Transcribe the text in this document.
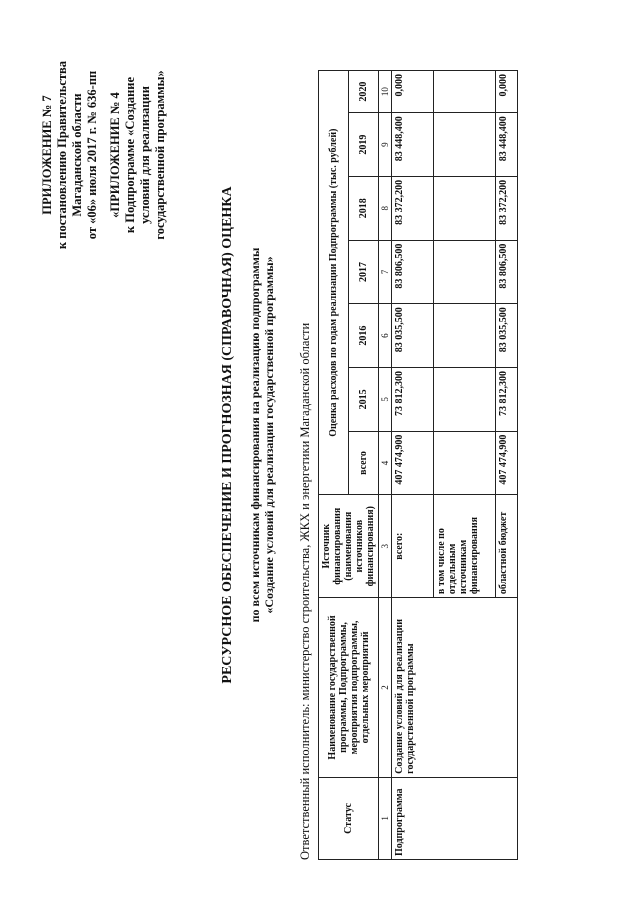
ПРИЛОЖЕНИЕ № 7 к постановлению Правительства Магаданской области от «06» июля 2017 г. № 636-пп «ПРИЛОЖЕНИЕ № 4 к Подпрограмме «Создание условий для реализации государственной программы»
РЕСУРСНОЕ ОБЕСПЕЧЕНИЕ И ПРОГНОЗНАЯ (СПРАВОЧНАЯ) ОЦЕНКА по всем источникам финансирования на реализацию подпрограммы «Создание условий для реализации государственной программы» Ответственный исполнитель: министерство строительства, ЖКХ и энергетики Магаданской области	Статус	Наименование государственной программы, Подпрограммы, мероприятия подпрограммы, отдельных мероприятий	Источник финансирования (наименования источников финансирования)	Оценка расходов по годам реализации Подпрограммы (тыс. рублей)						
			всего	2015	2016	2017	2018	2019	2020
1	2	3	4	5	6	7	8	9	10
Подпрограмма	Создание условий для реализации государственной программы	всего:	407 474,900	73 812,300	83 035,500	83 806,500	83 372,200	83 448,400	0,000
		в том числе по отдельным источникам финансирования							
		областной бюджет	407 474,900	73 812,300	83 035,500	83 806,500	83 372,200	83 448,400	0,000
